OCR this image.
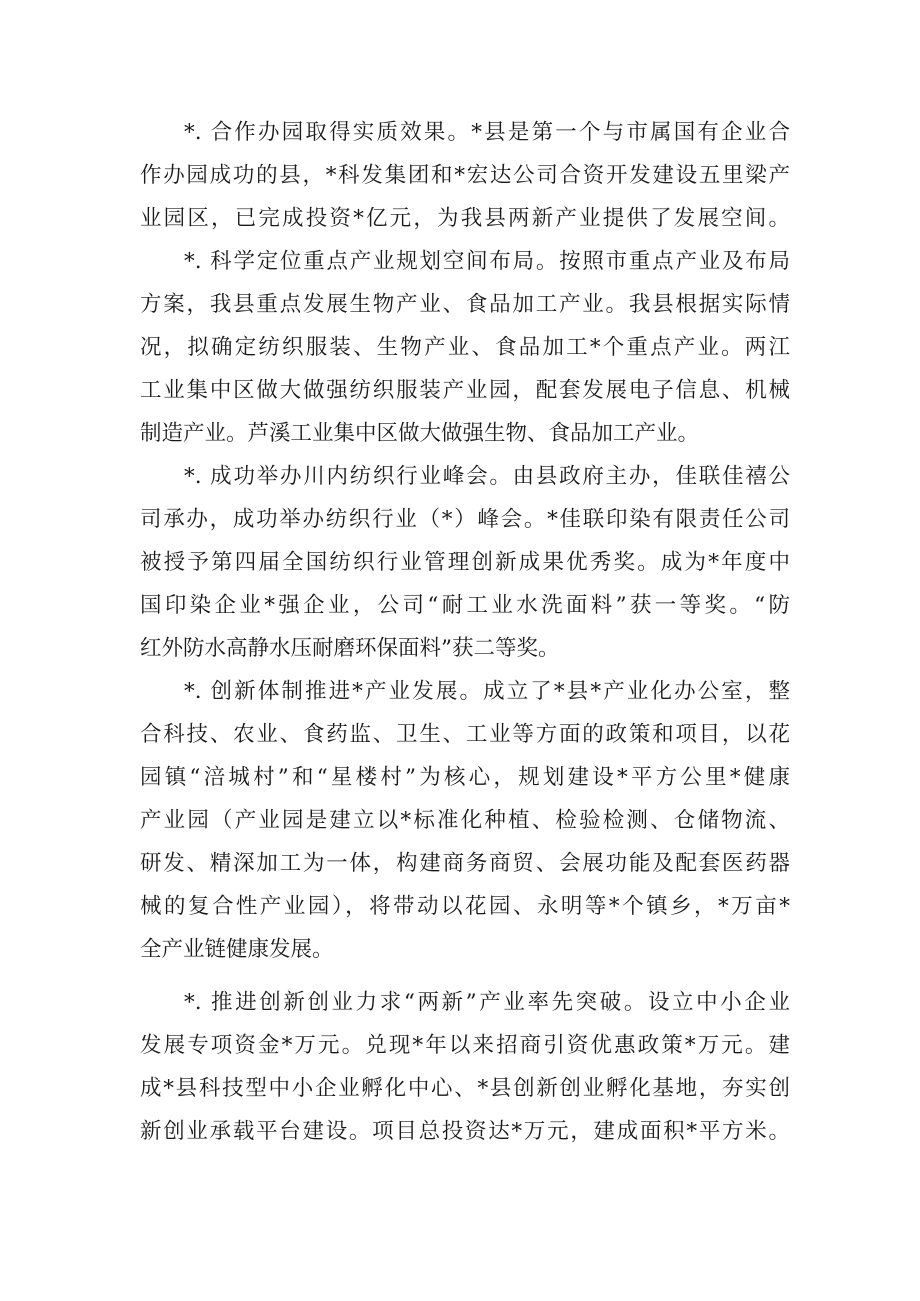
*. 合作办园取得实质效果。*县是第一个与市属国有企业合

作办园成功的县，*科发集团和*宏达公司合资开发建设五里梁产

业园区，已完成投资*亿元，为我县两新产业提供了发展空间。

*. 科学定位重点产业规划空间布局。按照市重点产业及布局

方案，我县重点发展生物产业、食品加工产业。我县根据实际情

况，拟确定纺织服装、生物产业、食品加工*个重点产业。两江

工业集中区做大做强纺织服装产业园，配套发展电子信息、机械

制造产业。芦溪工业集中区做大做强生物、食品加工产业。

*. 成功举办川内纺织行业峰会。由县政府主办，佳联佳禧公

司承办，成功举办纺织行业（*）峰会。*佳联印染有限责任公司

被授予第四届全国纺织行业管理创新成果优秀奖。成为*年度中

国印染企业*强企业，公司“耐工业水洗面料”获一等奖。“防

红外防水高静水压耐磨环保面料”获二等奖。

*. 创新体制推进*产业发展。成立了*县*产业化办公室，整

合科技、农业、食药监、卫生、工业等方面的政策和项目，以花

园镇“涪城村”和“星楼村”为核心，规划建设*平方公里*健康

产业园（产业园是建立以*标准化种植、检验检测、仓储物流、

研发、精深加工为一体，构建商务商贸、会展功能及配套医药器

械的复合性产业园），将带动以花园、永明等*个镇乡，*万亩*

全产业链健康发展。

*. 推进创新创业力求“两新”产业率先突破。设立中小企业

发展专项资金*万元。兑现*年以来招商引资优惠政策*万元。建

成*县科技型中小企业孵化中心、*县创新创业孵化基地，夯实创

新创业承载平台建设。项目总投资达*万元，建成面积*平方米。
